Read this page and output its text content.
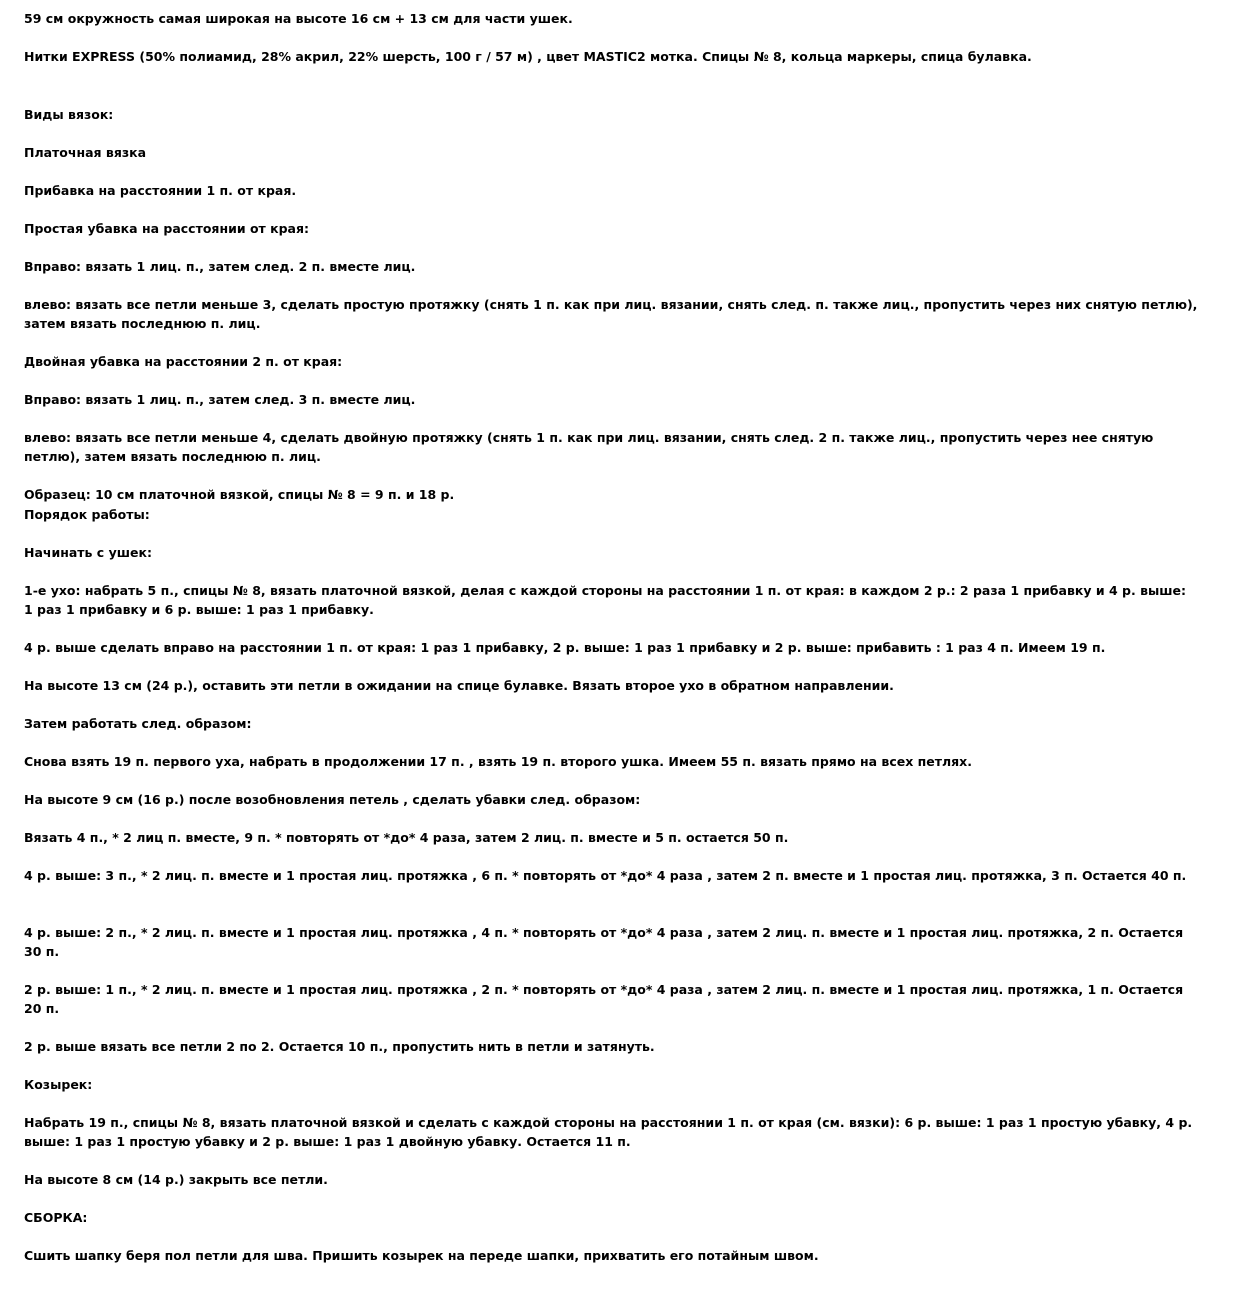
59 см окружность самая широкая на высоте 16 см + 13 см для части ушек.
Нитки EXPRESS (50% полиамид, 28% акрил, 22% шерсть, 100 г / 57 м) , цвет MASTIC2 мотка. Спицы № 8, кольца маркеры, спица булавка.
Виды вязок:
Платочная вязка
Прибавка на расстоянии 1 п. от края.
Простая убавка на расстоянии от края:
Вправо: вязать 1 лиц. п., затем след. 2 п. вместе лиц.
влево: вязать все петли меньше 3, сделать простую протяжку (снять 1 п. как при лиц. вязании, снять след. п. также лиц., пропустить через них снятую петлю), затем вязать последнюю п. лиц.
Двойная убавка на расстоянии 2 п. от края:
Вправо: вязать 1 лиц. п., затем след. 3 п. вместе лиц.
влево: вязать все петли меньше 4, сделать двойную протяжку (снять 1 п. как при лиц. вязании, снять след. 2 п. также лиц., пропустить через нее снятую петлю), затем вязать последнюю п. лиц.
Образец: 10 см платочной вязкой, спицы № 8 = 9 п. и 18 р.
Порядок работы:
Начинать с ушек:
1-е ухо: набрать 5 п., спицы № 8, вязать платочной вязкой, делая с каждой стороны на расстоянии 1 п. от края: в каждом 2 р.: 2 раза 1 прибавку и 4 р. выше: 1 раз 1 прибавку и 6 р. выше: 1 раз 1 прибавку.
4 р. выше сделать вправо на расстоянии 1 п. от края: 1 раз 1 прибавку, 2 р. выше: 1 раз 1 прибавку и 2 р. выше: прибавить : 1 раз 4 п. Имеем 19 п.
На высоте 13 см (24 р.), оставить эти петли в ожидании на спице булавке. Вязать второе ухо в обратном направлении.
Затем работать след. образом:
Снова взять 19 п. первого уха, набрать в продолжении 17 п. , взять 19 п. второго ушка. Имеем 55 п. вязать прямо на всех петлях.
На высоте 9 см (16 р.) после возобновления петель , сделать убавки след. образом:
Вязать 4 п., * 2 лиц п. вместе, 9 п. * повторять от *до* 4 раза, затем 2 лиц. п. вместе и 5 п. остается 50 п.
4 р. выше: 3 п., * 2 лиц. п. вместе и 1 простая лиц. протяжка , 6 п. * повторять от *до* 4 раза , затем 2 п. вместе и 1 простая лиц. протяжка, 3 п. Остается 40 п.
4 р. выше: 2 п., * 2 лиц. п. вместе и 1 простая лиц. протяжка , 4 п. * повторять от *до* 4 раза , затем 2 лиц. п. вместе и 1 простая лиц. протяжка, 2 п. Остается 30 п.
2 р. выше: 1 п., * 2 лиц. п. вместе и 1 простая лиц. протяжка , 2 п. * повторять от *до* 4 раза , затем 2 лиц. п. вместе и 1 простая лиц. протяжка, 1 п. Остается 20 п.
2 р. выше вязать все петли 2 по 2. Остается 10 п., пропустить нить в петли и затянуть.
Козырек:
Набрать 19 п., спицы № 8, вязать платочной вязкой и сделать с каждой стороны на расстоянии 1 п. от края (см. вязки): 6 р. выше: 1 раз 1 простую убавку, 4 р. выше: 1 раз 1 простую убавку и 2 р. выше: 1 раз 1 двойную убавку. Остается 11 п.
На высоте 8 см (14 р.) закрыть все петли.
СБОРКА:
Сшить шапку беря пол петли для шва. Пришить козырек на переде шапки, прихватить его потайным швом.
